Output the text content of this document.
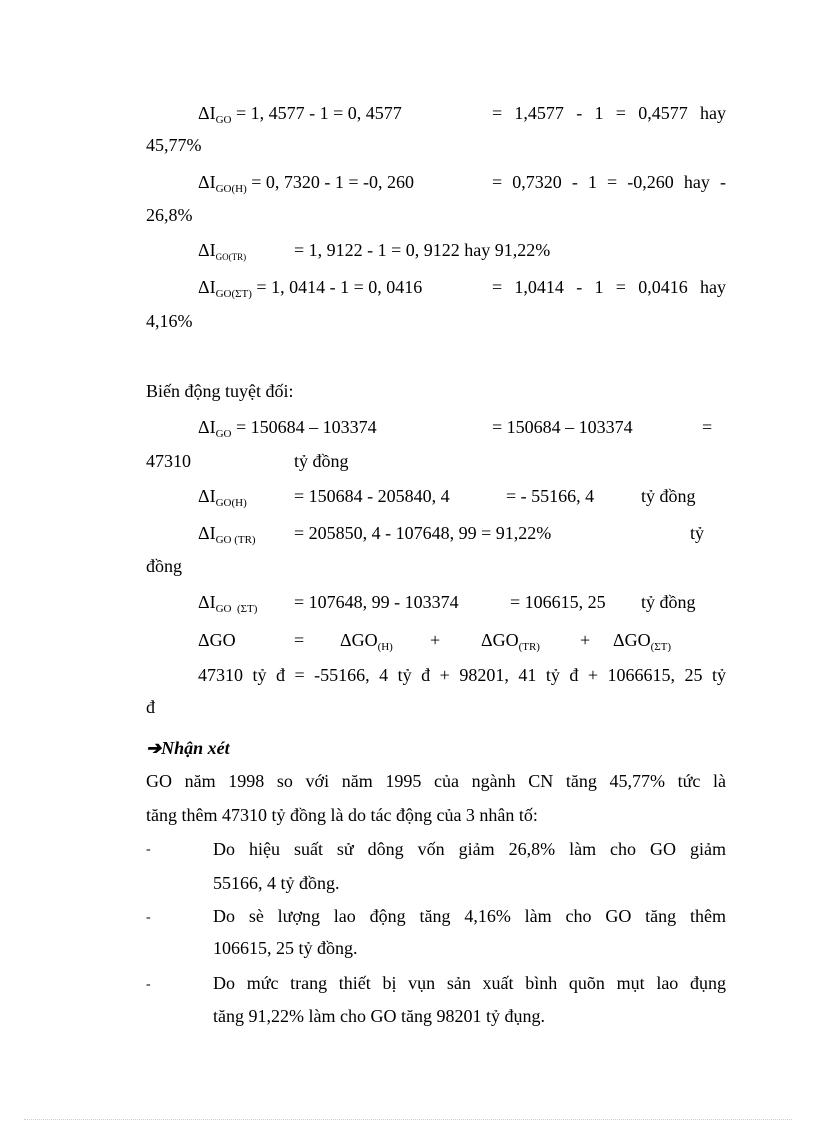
$\Delta I_{GO} = 1$, 4577 - 1 = 0, 4577	= 1,4577 - 1 = 0,4577 hay
45,77%
$\Delta I_{GO(H)} = 0$, 7320 - 1 = -0, 260	= 0,7320 - 1 = -0,260 hay -
26,8%
$\Delta I_{GO(TR)}$	= 1, 9122 - 1 = 0, 9122 hay 91,22%
$\Delta I_{GO(\Sigma T)} = 1$, 0414 - 1 = 0, 0416	= 1,0414 - 1 = 0,0416 hay
4,16%
Biến động tuyệt đối:
$\Delta I_{GO} = 150684 - 103374$	= 150684 – 103374	=
47310	tỷ đồng
$\Delta I_{GO(H)}$	= 150684 - 205840, 4	= - 55166, 4	tỷ đồng
$\Delta I_{GO (TR)} = 205850$, 4 - 107648, 99 = 91,22%	tỷ
đồng
$\Delta I_{GO (\Sigma T)} = 107648$, 99 - 103374	= 106615, 25 tỷ đồng
ΔGO	= $\Delta GO_{(H)} + \Delta GO_{(TR)} + \Delta GO_{(\Sigma T)}$
47310 tỷ đ = -55166, 4 tỷ đ + 98201, 41 tỷ đ + 1066615, 25 tỷ
đ
➔Nhận xét
GO năm 1998 so với năm 1995 của ngành CN tăng 45,77% tức là
tăng thêm 47310 tỷ đồng là do tác động của 3 nhân tố:
-	Do hiệu suất sử dông vốn giảm 26,8% làm cho GO giảm
55166, 4 tỷ đồng.
-	Do sè lượng lao động tăng 4,16% làm cho GO tăng thêm
106615, 25 tỷ đồng.
-	Do mức trang thiết bị vụn sản xuất bình quõn mụt lao đụng
tăng 91,22% làm cho GO tăng 98201 tỷ đụng.
